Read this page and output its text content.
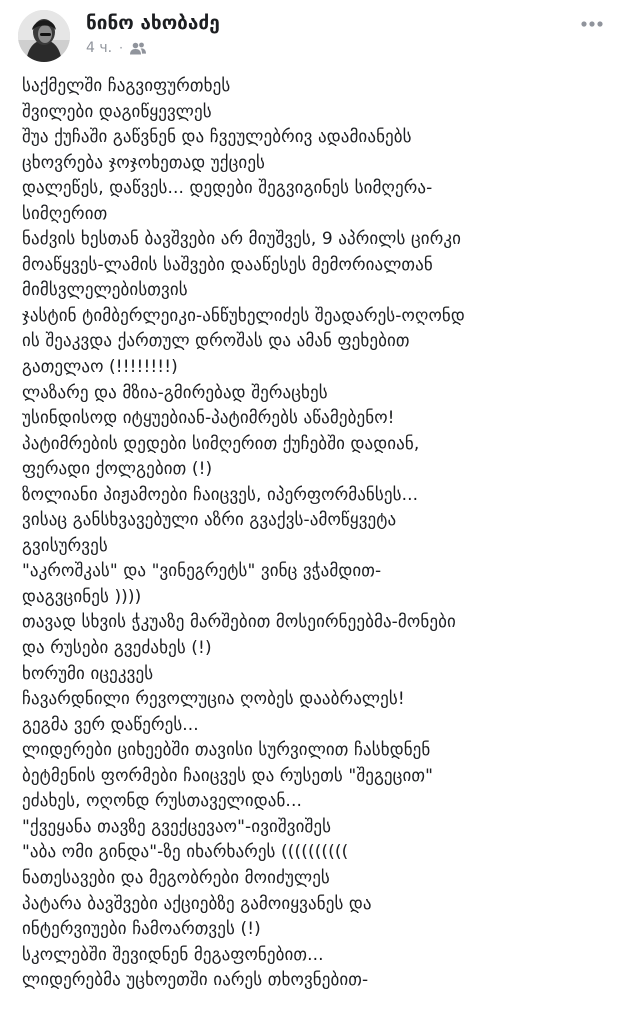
ნინო ახობაძე
4 ч. ·
საქმელში ჩაგვიფურთხეს
შვილები დაგიწყევლეს
შუა ქუჩაში გაწვნენ და ჩვეულებრივ ადამიანებს
ცხოვრება ჯოჯოხეთად უქციეს
დალეწეს, დაწვეს... დედები შეგვიგინეს სიმღერა-
სიმღერით
ნაძვის ხესთან ბავშვები არ მიუშვეს, 9 აპრილს ცირკი
მოაწყვეს-ლამის საშვები დააწესეს მემორიალთან
მიმსვლელებისთვის
ჯასტინ ტიმბერლეიკი-ანწუხელიძეს შეადარეს-ოღონდ
ის შეაკვდა ქართულ დროშას და ამან ფეხებით
გათელაო (!!!!!!!!)
ლაზარე და მზია-გმირებად შერაცხეს
უსინდისოდ იტყუებიან-პატიმრებს აწამებენო!
პატიმრების დედები სიმღერით ქუჩებში დადიან,
ფერადი ქოლგებით (!)
ზოლიანი პიჟამოები ჩაიცვეს, იპერფორმანსეს...
ვისაც განსხვავებული აზრი გვაქვს-ამოწყვეტა
გვისურვეს
"აკროშკას" და "ვინეგრეტს" ვინც ვჭამდით-
დაგვცინეს ))))
თავად სხვის ჭკუაზე მარშებით მოსეირნეებმა-მონები
და რუსები გვეძახეს (!)
ხორუმი იცეკვეს
ჩავარდნილი რევოლუცია ღობეს დააბრალეს!
გეგმა ვერ დაწერეს...
ლიდერები ციხეებში თავისი სურვილით ჩასხდნენ
ბეტმენის ფორმები ჩაიცვეს და რუსეთს "შეგეცით"
ეძახეს, ოღონდ რუსთაველიდან...
"ქვეყანა თავზე გვექცევაო"-ივიშვიშეს
"აბა ომი გინდა"-ზე იხარხარეს ((((((((((
ნათესავები და მეგობრები მოიძულეს
პატარა ბავშვები აქციებზე გამოიყვანეს და
ინტერვიუები ჩამოართვეს (!)
სკოლებში შევიდნენ მეგაფონებით...
ლიდერებმა უცხოეთში იარეს თხოვნებით-
